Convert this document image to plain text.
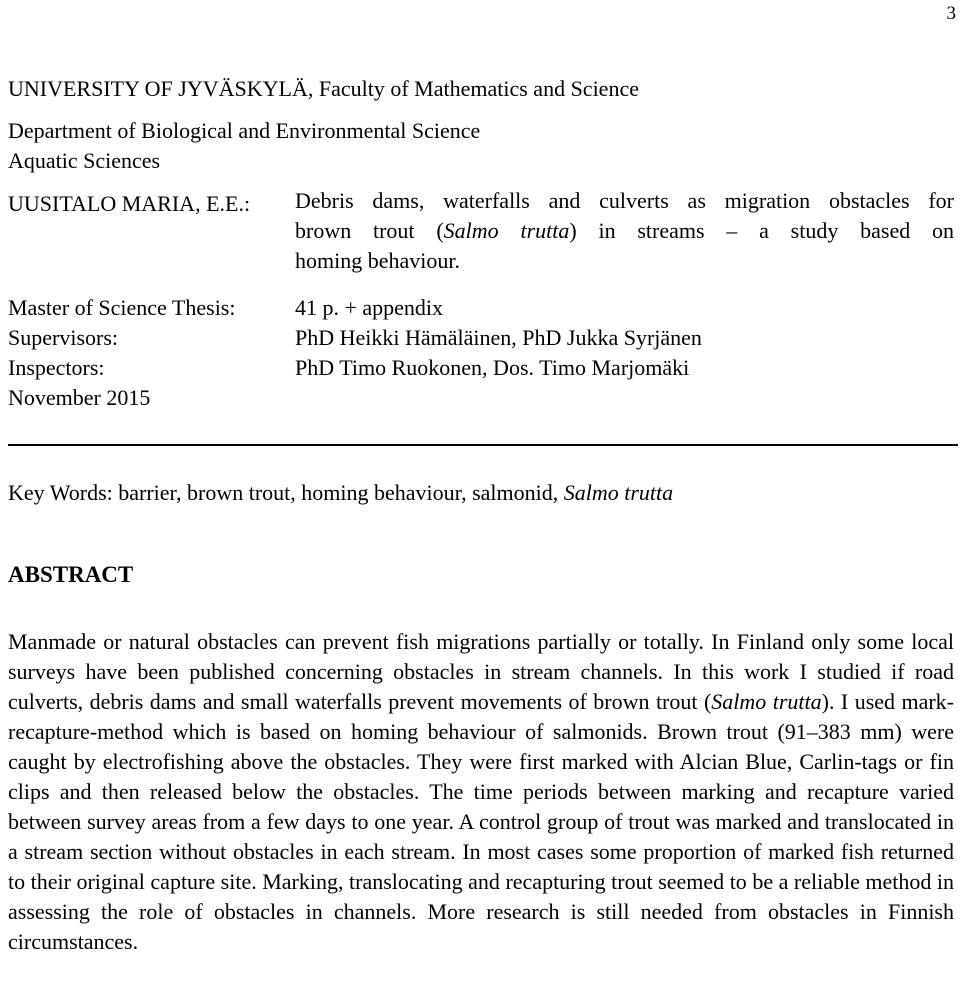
3
UNIVERSITY OF JYVÄSKYLÄ, Faculty of Mathematics and Science
Department of Biological and Environmental Science
Aquatic Sciences
UUSITALO MARIA, E.E.: Debris dams, waterfalls and culverts as migration obstacles for
brown trout (Salmo trutta) in streams – a study based on
homing behaviour.
Master of Science Thesis:	41 p. + appendix
Supervisors:	PhD Heikki Hämäläinen, PhD Jukka Syrjänen
Inspectors:	PhD Timo Ruokonen, Dos. Timo Marjomäki
November 2015
Key Words: barrier, brown trout, homing behaviour, salmonid, Salmo trutta
ABSTRACT
Manmade or natural obstacles can prevent fish migrations partially or totally. In Finland only some local surveys have been published concerning obstacles in stream channels. In this work I studied if road culverts, debris dams and small waterfalls prevent movements of brown trout (Salmo trutta). I used mark-recapture-method which is based on homing behaviour of salmonids. Brown trout (91–383 mm) were caught by electrofishing above the obstacles. They were first marked with Alcian Blue, Carlin-tags or fin clips and then released below the obstacles. The time periods between marking and recapture varied between survey areas from a few days to one year. A control group of trout was marked and translocated in a stream section without obstacles in each stream. In most cases some proportion of marked fish returned to their original capture site. Marking, translocating and recapturing trout seemed to be a reliable method in assessing the role of obstacles in channels. More research is still needed from obstacles in Finnish circumstances.
